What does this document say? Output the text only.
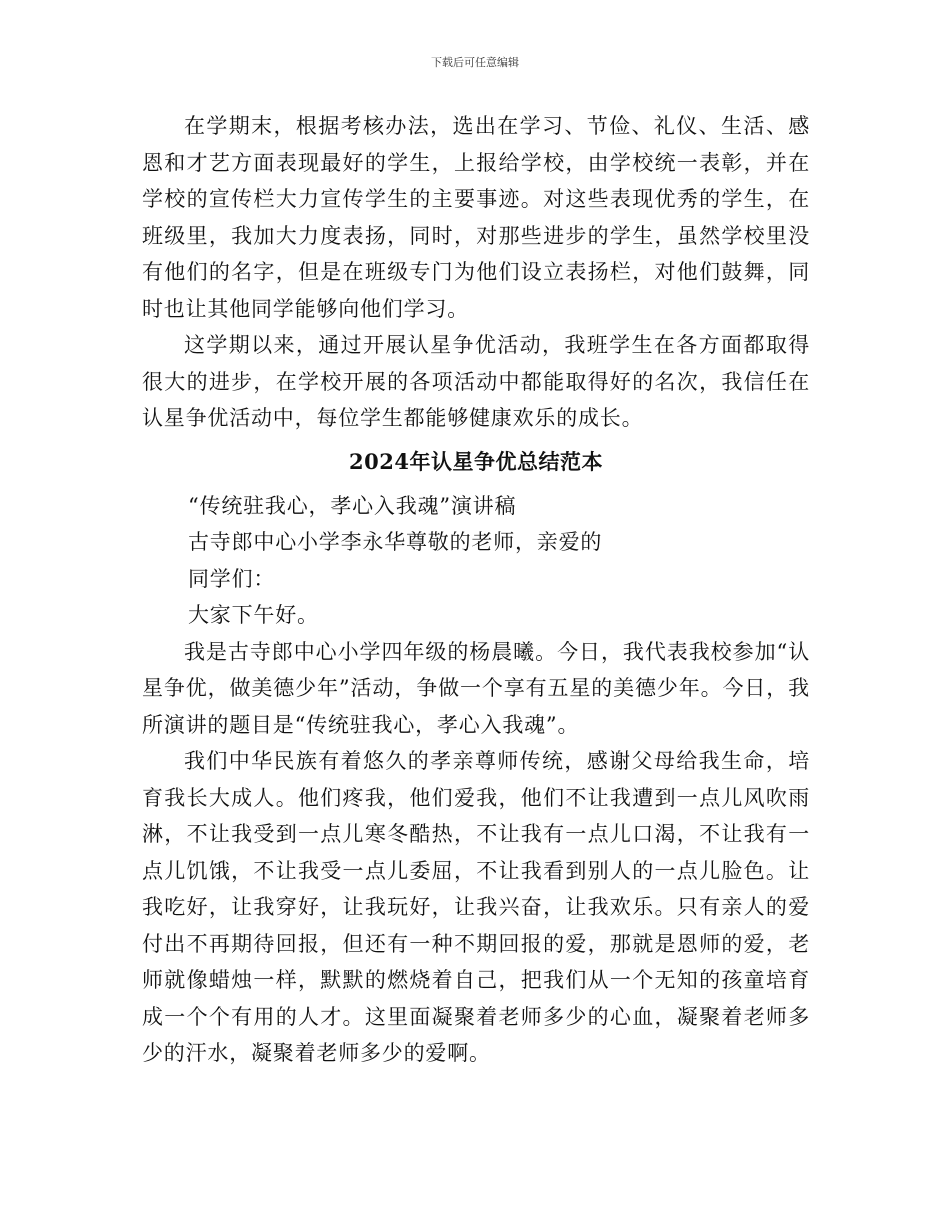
下载后可任意编辑

在学期末，根据考核办法，选出在学习、节俭、礼仪、生活、感恩和才艺方面表现最好的学生，上报给学校，由学校统一表彰，并在学校的宣传栏大力宣传学生的主要事迹。对这些表现优秀的学生，在班级里，我加大力度表扬，同时，对那些进步的学生，虽然学校里没有他们的名字，但是在班级专门为他们设立表扬栏，对他们鼓舞，同时也让其他同学能够向他们学习。

这学期以来，通过开展认星争优活动，我班学生在各方面都取得很大的进步，在学校开展的各项活动中都能取得好的名次，我信任在认星争优活动中，每位学生都能够健康欢乐的成长。

2024年认星争优总结范本

“传统驻我心，孝心入我魂”演讲稿

古寺郎中心小学李永华尊敬的老师，亲爱的

同学们：

大家下午好。

我是古寺郎中心小学四年级的杨晨曦。今日，我代表我校参加“认星争优，做美德少年”活动，争做一个享有五星的美德少年。今日，我所演讲的题目是“传统驻我心，孝心入我魂”。

我们中华民族有着悠久的孝亲尊师传统，感谢父母给我生命，培育我长大成人。他们疼我，他们爱我，他们不让我遭到一点儿风吹雨淋，不让我受到一点儿寒冬酷热，不让我有一点儿口渴，不让我有一点儿饥饿，不让我受一点儿委屈，不让我看到别人的一点儿脸色。让我吃好，让我穿好，让我玩好，让我兴奋，让我欢乐。只有亲人的爱付出不再期待回报，但还有一种不期回报的爱，那就是恩师的爱，老师就像蜡烛一样，默默的燃烧着自己，把我们从一个无知的孩童培育成一个个有用的人才。这里面凝聚着老师多少的心血，凝聚着老师多少的汗水，凝聚着老师多少的爱啊。
